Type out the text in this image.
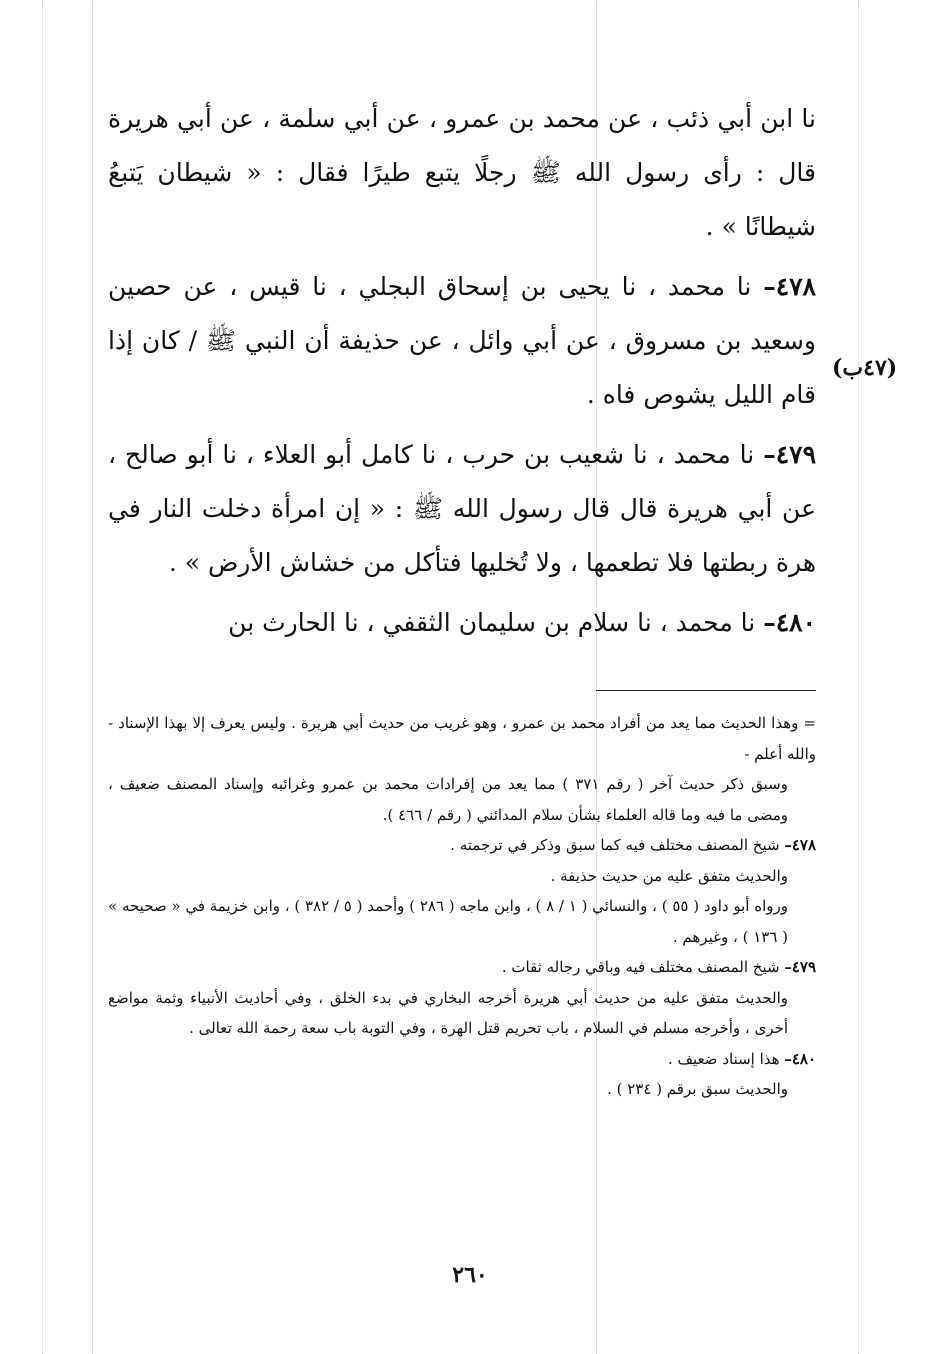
نا ابن أبي ذئب ، عن محمد بن عمرو ، عن أبي سلمة ، عن أبي هريرة قال : رأى رسول الله ﷺ رجلًا يتبع طيرًا فقال : « شيطان يَتبعُ شيطانًا » .

٤٧٨– نا محمد ، نا يحيى بن إسحاق البجلي ، نا قيس ، عن حصين وسعيد بن مسروق ، عن أبي وائل ، عن حذيفة أن النبي ﷺ / كان إذا قام الليل يشوص فاه .

٤٧٩– نا محمد ، نا شعيب بن حرب ، نا كامل أبو العلاء ، نا أبو صالح ، عن أبي هريرة قال قال رسول الله ﷺ : « إن امرأة دخلت النار في هرة ربطتها فلا تطعمها ، ولا تُخليها فتأكل من خشاش الأرض » .

٤٨٠– نا محمد ، نا سلام بن سليمان الثقفي ، نا الحارث بن

(٤٧ب)

= وهذا الحديث مما يعد من أفراد محمد بن عمرو ، وهو غريب من حديث أبي هريرة . وليس يعرف إلا بهذا الإسناد - والله أعلم -

وسبق ذكر حديث آخر ( رقم ٣٧١ ) مما يعد من إفرادات محمد بن عمرو وغرائبه وإسناد المصنف ضعيف ، ومضى ما فيه وما قاله العلماء بشأن سلام المدائني ( رقم / ٤٦٦ ).

٤٧٨– شيخ المصنف مختلف فيه كما سبق وذكر في ترجمته .

والحديث متفق عليه من حديث حذيفة .

ورواه أبو داود ( ٥٥ ) ، والنسائي ( ١ / ٨ ) ، وابن ماجه ( ٢٨٦ ) وأحمد ( ٥ / ٣٨٢ ) ، وابن خزيمة في « صحيحه » ( ١٣٦ ) ، وغيرهم .

٤٧٩– شيخ المصنف مختلف فيه وباقي رجاله ثقات .

والحديث متفق عليه من حديث أبي هريرة أخرجه البخاري في بدء الخلق ، وفي أحاديث الأنبياء وثمة مواضع أخرى ، وأخرجه مسلم في السلام ، باب تحريم قتل الهرة ، وفي التوبة باب سعة رحمة الله تعالى .

٤٨٠– هذا إسناد ضعيف .

والحديث سبق برقم ( ٢٣٤ ) .

٢٦٠
